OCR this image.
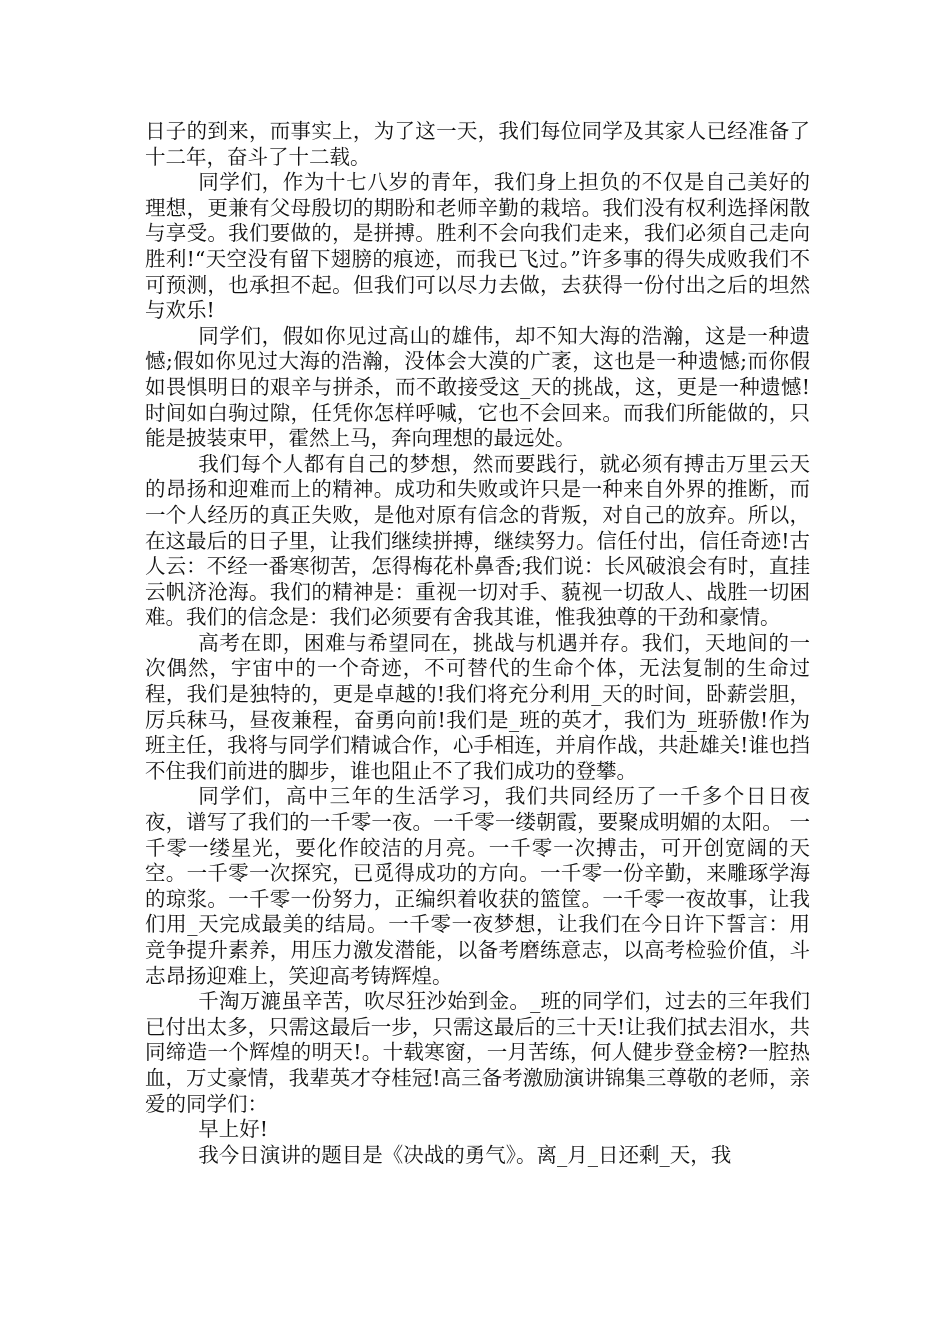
日子的到来，而事实上，为了这一天，我们每位同学及其家人已经准备了十二年，奋斗了十二载。

同学们，作为十七八岁的青年，我们身上担负的不仅是自己美好的理想，更兼有父母殷切的期盼和老师辛勤的栽培。我们没有权利选择闲散与享受。我们要做的，是拼搏。胜利不会向我们走来，我们必须自己走向胜利!“天空没有留下翅膀的痕迹，而我已飞过。”许多事的得失成败我们不可预测，也承担不起。但我们可以尽力去做，去获得一份付出之后的坦然与欢乐!

同学们，假如你见过高山的雄伟，却不知大海的浩瀚，这是一种遗憾;假如你见过大海的浩瀚，没体会大漠的广袤，这也是一种遗憾;而你假如畏惧明日的艰辛与拼杀，而不敢接受这_天的挑战，这，更是一种遗憾!时间如白驹过隙，任凭你怎样呼喊，它也不会回来。而我们所能做的，只能是披装束甲，霍然上马，奔向理想的最远处。

我们每个人都有自己的梦想，然而要践行，就必须有搏击万里云天的昂扬和迎难而上的精神。成功和失败或许只是一种来自外界的推断，而一个人经历的真正失败，是他对原有信念的背叛，对自己的放弃。所以，在这最后的日子里，让我们继续拼搏，继续努力。信任付出，信任奇迹!古人云：不经一番寒彻苦，怎得梅花朴鼻香;我们说：长风破浪会有时，直挂云帆济沧海。我们的精神是：重视一切对手、藐视一切敌人、战胜一切困难。我们的信念是：我们必须要有舍我其谁，惟我独尊的干劲和豪情。

高考在即，困难与希望同在，挑战与机遇并存。我们，天地间的一次偶然，宇宙中的一个奇迹，不可替代的生命个体，无法复制的生命过程，我们是独特的，更是卓越的!我们将充分利用_天的时间，卧薪尝胆，厉兵秣马，昼夜兼程，奋勇向前!我们是_班的英才，我们为_班骄傲!作为班主任，我将与同学们精诚合作，心手相连，并肩作战，共赴雄关!谁也挡不住我们前进的脚步，谁也阻止不了我们成功的登攀。

同学们，高中三年的生活学习，我们共同经历了一千多个日日夜夜，谱写了我们的一千零一夜。一千零一缕朝霞，要聚成明媚的太阳。 一千零一缕星光，要化作皎洁的月亮。一千零一次搏击，可开创宽阔的天空。一千零一次探究，已觅得成功的方向。一千零一份辛勤，来雕琢学海的琼浆。一千零一份努力，正编织着收获的篮筐。一千零一夜故事，让我们用_天完成最美的结局。一千零一夜梦想，让我们在今日许下誓言：用竞争提升素养，用压力激发潜能，以备考磨练意志，以高考检验价值，斗志昂扬迎难上，笑迎高考铸辉煌。

千淘万漉虽辛苦，吹尽狂沙始到金。_班的同学们，过去的三年我们已付出太多，只需这最后一步，只需这最后的三十天!让我们拭去泪水，共同缔造一个辉煌的明天!。十载寒窗，一月苦练，何人健步登金榜?一腔热血，万丈豪情，我辈英才夺桂冠!高三备考激励演讲锦集三尊敬的老师，亲爱的同学们：

早上好!

我今日演讲的题目是《决战的勇气》。离_月_日还剩_天，我
